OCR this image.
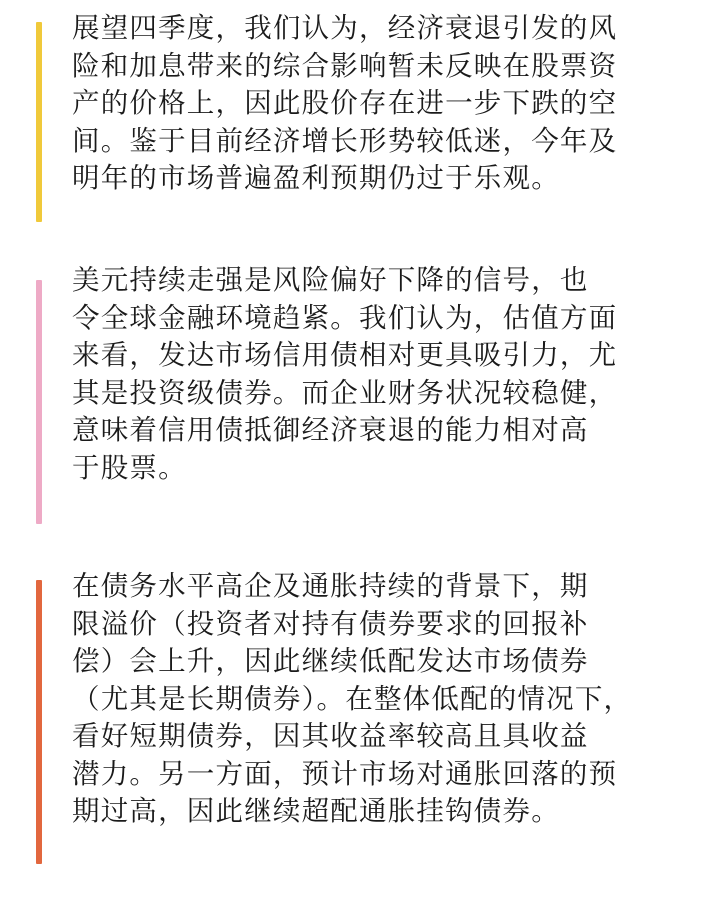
展望四季度，我们认为，经济衰退引发的风
险和加息带来的综合影响暂未反映在股票资
产的价格上，因此股价存在进一步下跌的空
间。鉴于目前经济增长形势较低迷，今年及
明年的市场普遍盈利预期仍过于乐观。
美元持续走强是风险偏好下降的信号，也
令全球金融环境趋紧。我们认为，估值方面
来看，发达市场信用债相对更具吸引力，尤
其是投资级债券。而企业财务状况较稳健，
意味着信用债抵御经济衰退的能力相对高
于股票。
在债务水平高企及通胀持续的背景下，期
限溢价（投资者对持有债券要求的回报补
偿）会上升，因此继续低配发达市场债券
（尤其是长期债券）。在整体低配的情况下，
看好短期债券，因其收益率较高且具收益
潜力。另一方面，预计市场对通胀回落的预
期过高，因此继续超配通胀挂钩债券。
